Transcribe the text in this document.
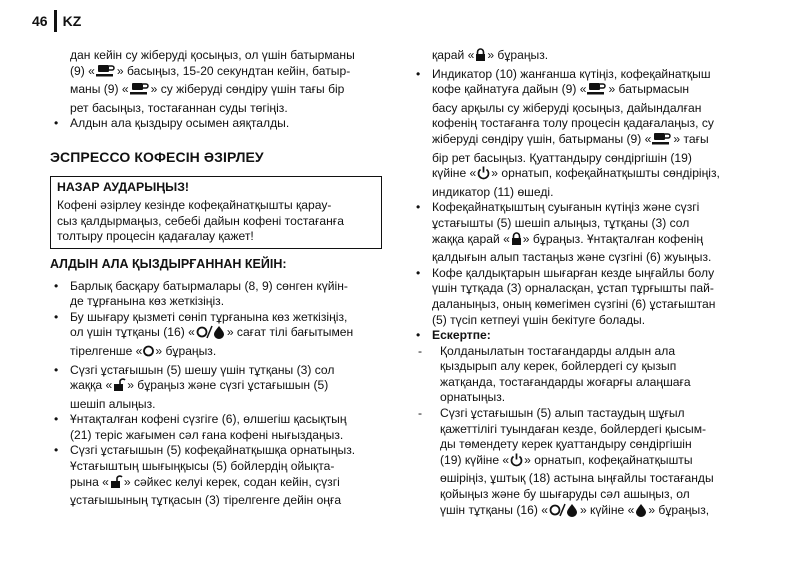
46 KZ

дан кейін су жіберуді қосыңыз, ол үшін батырманы

(9) « » басыңыз, 15-20 секундтан кейін, батыр-

маны (9) « » су жіберуді сөндіру үшін тағы бір

рет басыңыз, тостағаннан суды төгіңіз.

• Алдын ала қыздыру осымен аяқталды.

ЭСПРЕССО КОФЕСІН ӘЗІРЛЕУ
НАЗАР АУДАРЫҢЫЗ!

Кофені әзірлеу кезінде кофеқайнатқышты қарау-

сыз қалдырмаңыз, себебі дайын кофені тостағанға

толтыру процесін қадағалау қажет!

АЛДЫН АЛА ҚЫЗДЫРҒАННАН КЕЙІН:

• Барлық басқару батырмалары (8, 9) сөнген күйін-

де тұрғанына көз жеткізіңіз.

• Бу шығару қызметі сөніп тұрғанына көз жеткізіңіз,

ол үшін тұтқаны (16) «	» сағат тілі бағытымен

тірелгенше « » бұраңыз.

• Сүзгі ұстағышын (5) шешу үшін тұтқаны (3) сол

жаққа « » бұраңыз және сүзгі ұстағышын (5)

шешіп алыңыз.

• Ұнтақталған кофені сүзгіге (6), өлшегіш қасықтың

(21) теріс жағымен сәл ғана кофені нығыздаңыз.

• Сүзгі ұстағышын (5) кофеқайнатқышқа орнатыңыз.

Ұстағыштың шығыңқысы (5) бойлердің ойықта-

рына « » сәйкес келуі керек, содан кейін, сүзгі

ұстағышының тұтқасын (3) тірелгенге дейін оңға

қарай « » бұраңыз.

• Индикатор (10) жанғанша күтіңіз, кофеқайнатқыш

кофе қайнатуға дайын (9) « » батырмасын

басу арқылы су жіберуді қосыңыз, дайындалған

кофенің тостағанға толу процесін қадағалаңыз, су

жіберуді сөндіру үшін, батырманы (9) « » тағы

бір рет басыңыз. Қуаттандыру сөндіргішін (19)

күйіне « » орнатып, кофеқайнатқышты сөндіріңіз,

индикатор (11) өшеді.

• Кофеқайнатқыштың суығанын күтіңіз және сүзгі

ұстағышты (5) шешіп алыңыз, тұтқаны (3) сол

жаққа қарай « » бұраңыз. Ұнтақталған кофенің

қалдығын алып тастаңыз және сүзгіні (6) жуыңыз.

• Кофе қалдықтарын шығарған кезде ыңғайлы болу

үшін тұтқада (3) орналасқан, ұстап тұрғышты пай-

даланыңыз, оның көмегімен сүзгіні (6) ұстағыштан

(5) түсіп кетпеуі үшін бекітуге болады.

• Ескертпе:

- Қолданылатын тостағандарды алдын ала

қыздырып алу керек, бойлердегі су қызып

жатқанда, тостағандарды жоғарғы алаңшаға

орнатыңыз.

- Сүзгі ұстағышын (5) алып тастаудың шұғыл

қажеттілігі туындаған кезде, бойлердегі қысым-

ды төмендету керек қуаттандыру сөндіргішін

(19) күйіне « » орнатып, кофеқайнатқышты

өшіріңіз, ұштық (18) астына ыңғайлы тостағанды

қойыңыз және бу шығаруды сәл ашыңыз, ол

үшін тұтқаны (16) «	» күйіне « » бұраңыз,
